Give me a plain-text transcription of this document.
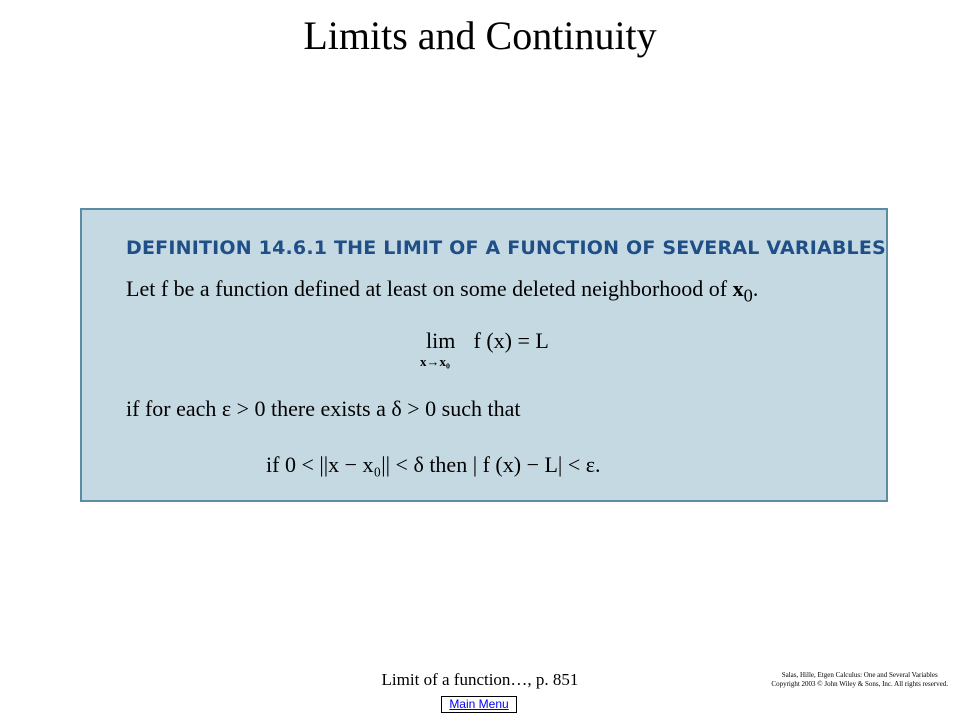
Limits and Continuity
DEFINITION 14.6.1 THE LIMIT OF A FUNCTION OF SEVERAL VARIABLES
Let f be a function defined at least on some deleted neighborhood of $x_0$.
lim
x→x₀
f (x) = L
if for each ε > 0 there exists a δ > 0 such that
if 0 < ||x − x₀|| < δ then | f (x) − L| < ε.
Limit of a function…, p. 851	Salas, Hille, Etgen Calculus: One and Several Variables
Copyright 2003 © John Wiley & Sons, Inc. All rights reserved.
Main Menu
